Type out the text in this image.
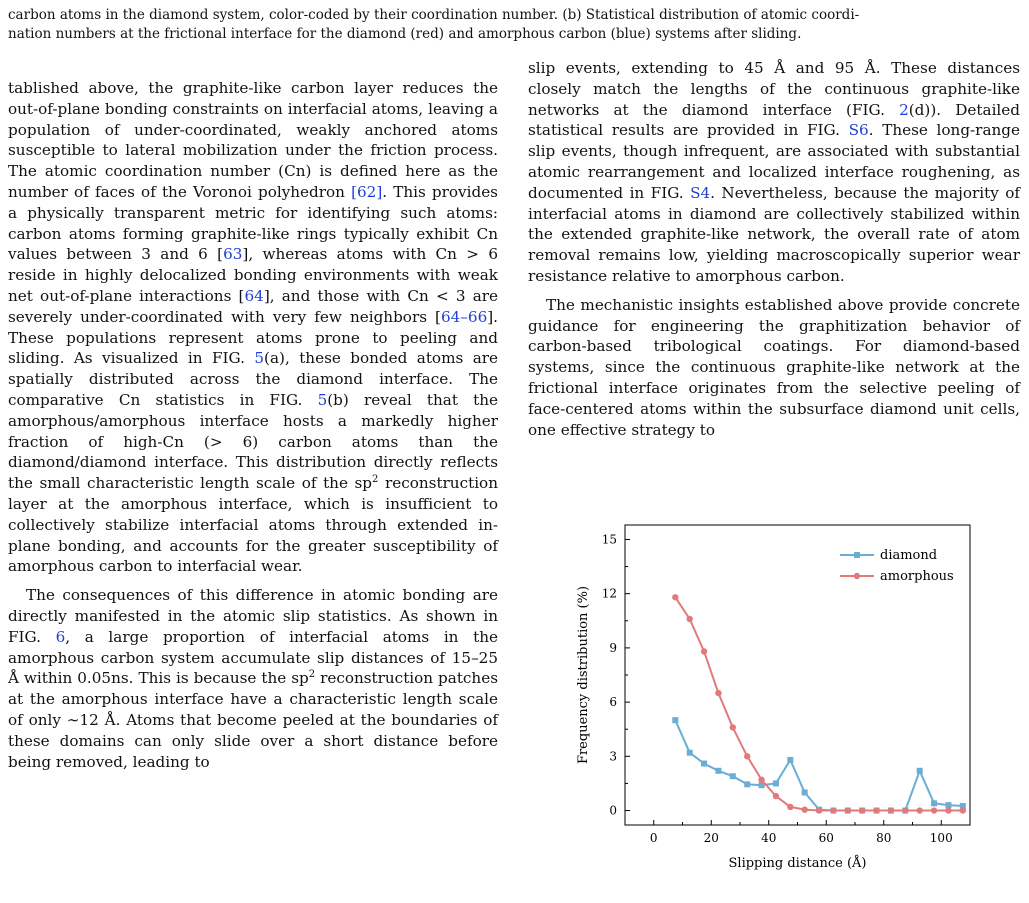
carbon atoms in the diamond system, color-coded by their coordination number. (b) Statistical distribution of atomic coordi-
nation numbers at the frictional interface for the diamond (red) and amorphous carbon (blue) systems after sliding.

tablished above, the graphite-like carbon layer reduces the out-of-plane bonding constraints on interfacial atoms, leaving a population of under-coordinated, weakly anchored atoms susceptible to lateral mobilization under the friction process. The atomic coordination number (Cn) is defined here as the number of faces of the Voronoi polyhedron [62]. This provides a physically transparent metric for identifying such atoms: carbon atoms forming graphite-like rings typically exhibit Cn values between 3 and 6 [63], whereas atoms with Cn > 6 reside in highly delocalized bonding environments with weak net out-of-plane interactions [64], and those with Cn < 3 are severely under-coordinated with very few neighbors [64–66]. These populations represent atoms prone to peeling and sliding. As visualized in FIG. 5(a), these bonded atoms are spatially distributed across the diamond interface. The comparative Cn statistics in FIG. 5(b) reveal that the amorphous/amorphous interface hosts a markedly higher fraction of high-Cn (> 6) carbon atoms than the diamond/diamond interface. This distribution directly reflects the small characteristic length scale of the $sp^2$ reconstruction layer at the amorphous interface, which is insufficient to collectively stabilize interfacial atoms through extended in-plane bonding, and accounts for the greater susceptibility of amorphous carbon to interfacial wear.

The consequences of this difference in atomic bonding are directly manifested in the atomic slip statistics. As shown in FIG. 6, a large proportion of interfacial atoms in the amorphous carbon system accumulate slip distances of 15–25 Å within 0.05ns. This is because the $sp^2$ reconstruction patches at the amorphous interface have a characteristic length scale of only ∼12 Å. Atoms that become peeled at the boundaries of these domains can only slide over a short distance before being removed, leading to

slip events, extending to 45 Å and 95 Å. These distances closely match the lengths of the continuous graphite-like networks at the diamond interface (FIG. 2(d)). Detailed statistical results are provided in FIG. S6. These long-range slip events, though infrequent, are associated with substantial atomic rearrangement and localized interface roughening, as documented in FIG. S4. Nevertheless, because the majority of interfacial atoms in diamond are collectively stabilized within the extended graphite-like network, the overall rate of atom removal remains low, yielding macroscopically superior wear resistance relative to amorphous carbon.

The mechanistic insights established above provide concrete guidance for engineering the graphitization behavior of carbon-based tribological coatings. For diamond-based systems, since the continuous graphite-like network at the frictional interface originates from the selective peeling of face-centered atoms within the subsurface diamond unit cells, one effective strategy to

0	20	40	60	80	100
0
3
6
9
12
15
diamond
amorphous
Slipping distance (Å)
Frequency distribution (%)
